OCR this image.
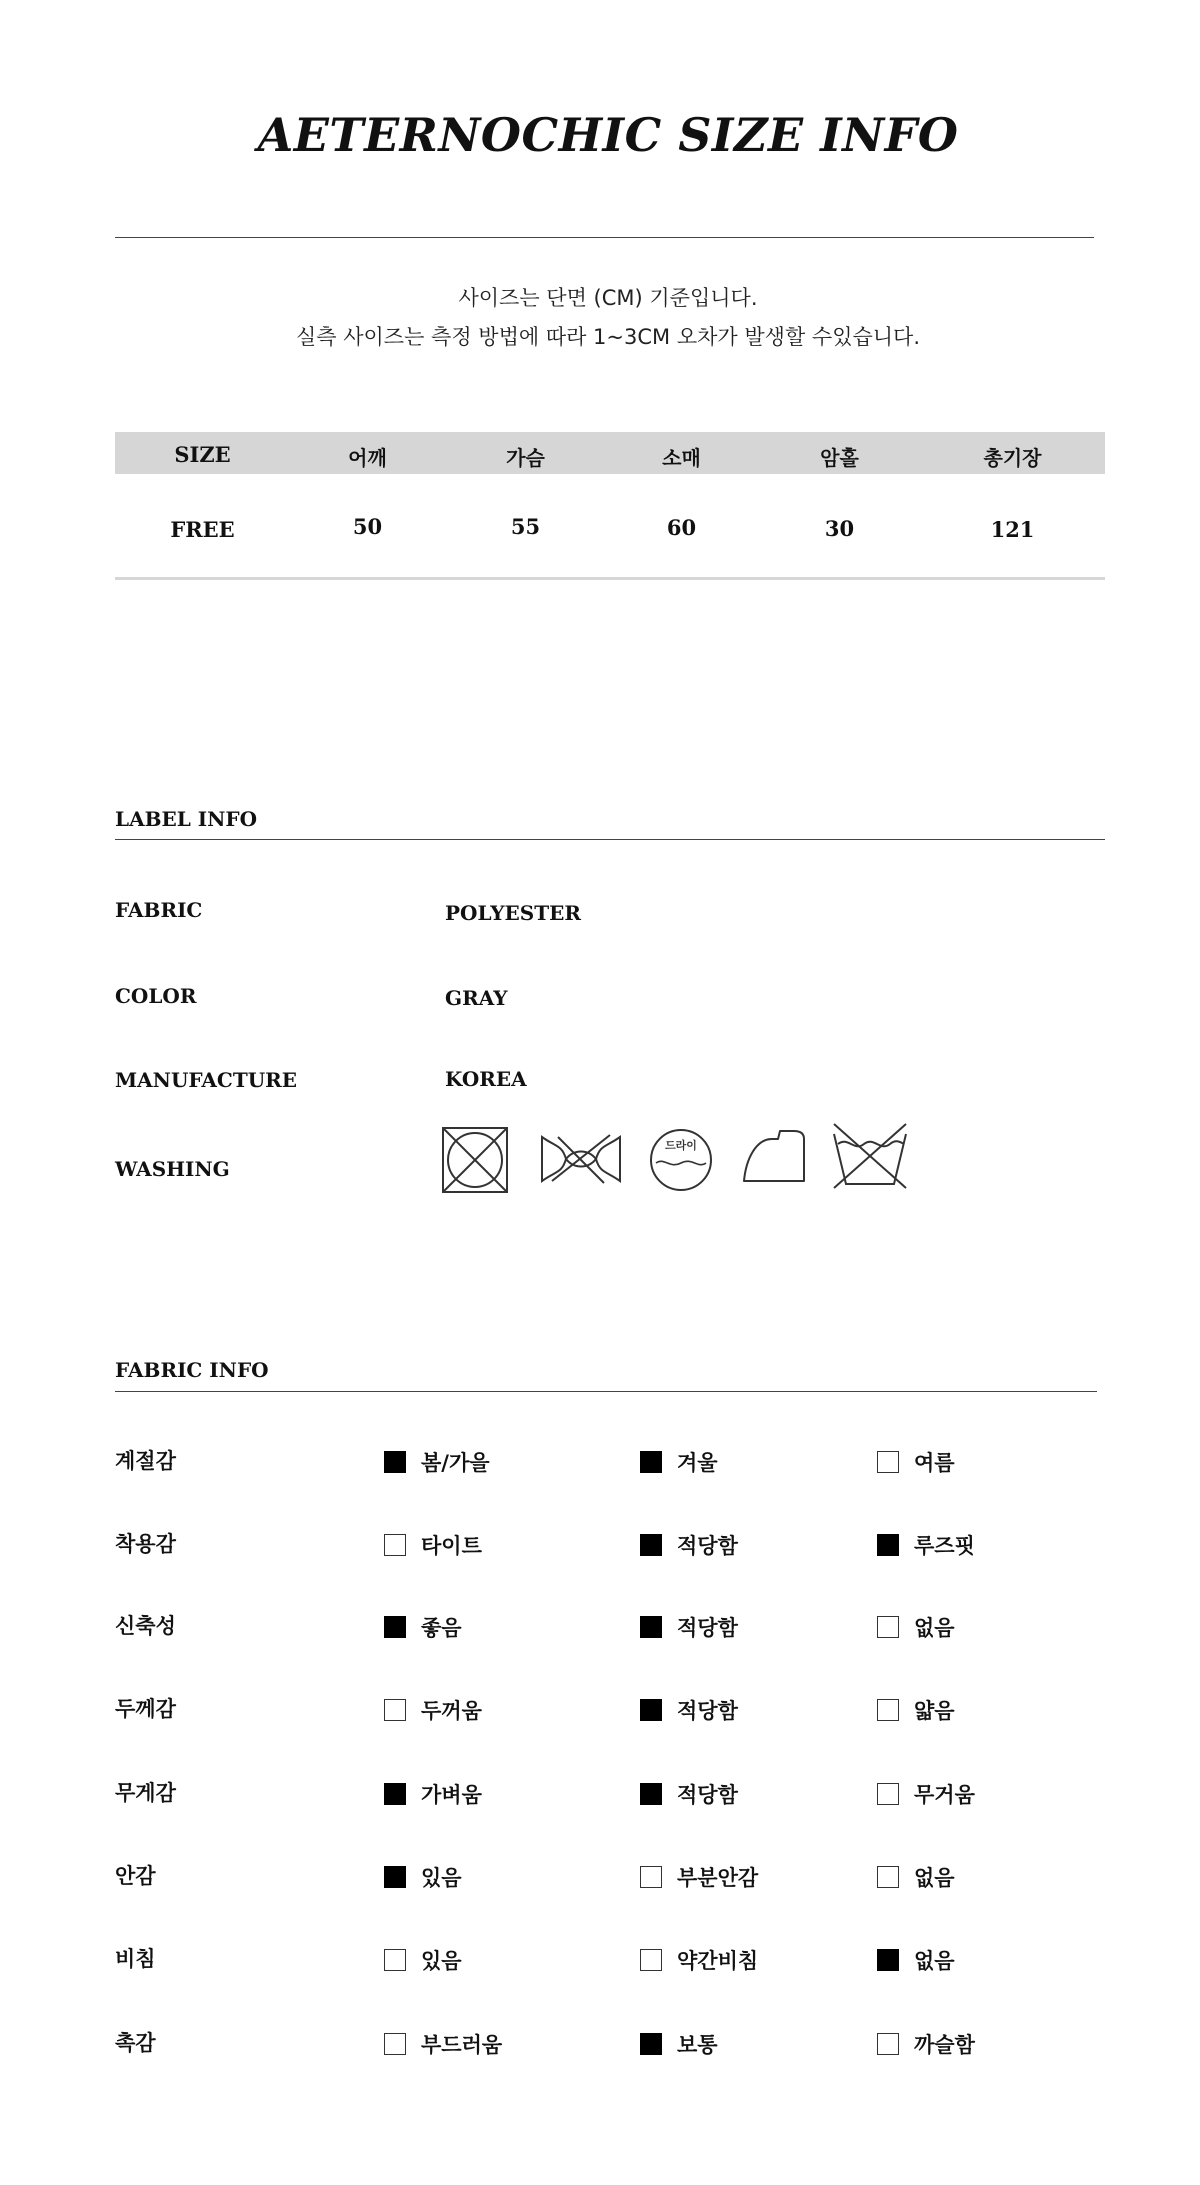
AETERNOCHIC SIZE INFO
사이즈는 단면 (CM) 기준입니다.
실측 사이즈는 측정 방법에 따라 1~3CM 오차가 발생할 수있습니다.
SIZE	어깨	가슴	소매	암홀	총기장
FREE	50	55	60	30	121
LABEL INFO
FABRIC	POLYESTER
COLOR	GRAY
MANUFACTURE	KOREA
WASHING
드라이
FABRIC INFO
계절감	봄/가을	겨울	여름
착용감	타이트	적당함	루즈핏
신축성	좋음	적당함	없음
두께감	두꺼움	적당함	얇음
무게감	가벼움	적당함	무거움
안감	있음	부분안감	없음
비침	있음	약간비침	없음
촉감	부드러움	보통	까슬함
